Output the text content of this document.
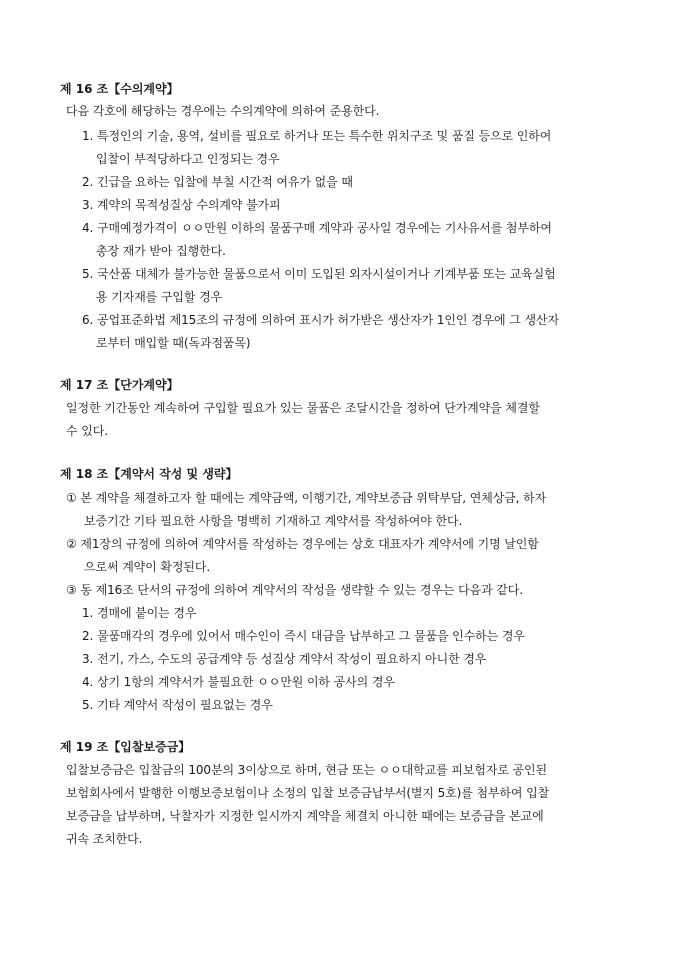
제 16 조【수의계약】
다음 각호에 해당하는 경우에는 수의계약에 의하여 준용한다.
1. 특정인의 기술, 용역, 설비를 필요로 하거나 또는 특수한 위치구조 및 품질 등으로 인하여
입찰이 부적당하다고 인정되는 경우
2. 긴급을 요하는 입찰에 부칠 시간적 여유가 없을 때
3. 계약의 목적성질상 수의계약 불가피
4. 구매예정가격이 ㅇㅇ만원 이하의 물품구매 계약과 공사일 경우에는 기사유서를 첨부하여
총장 재가 받아 집행한다.
5. 국산품 대체가 불가능한 물품으로서 이미 도입된 외자시설이거나 기계부품 또는 교육실험
용 기자재를 구입할 경우
6. 공업표준화법 제15조의 규정에 의하여 표시가 허가받은 생산자가 1인인 경우에 그 생산자
로부터 매입할 때(독과점품목)
제 17 조【단가계약】
일정한 기간동안 계속하여 구입할 필요가 있는 물품은 조달시간을 정하여 단가계약을 체결할
수 있다.
제 18 조【계약서 작성 및 생략】
① 본 계약을 체결하고자 할 때에는 계약금액, 이행기간, 계약보증금 위탁부담, 연체상금, 하자
보증기간 기타 필요한 사항을 명백히 기재하고 계약서를 작성하여야 한다.
② 제1장의 규정에 의하여 계약서를 작성하는 경우에는 상호 대표자가 계약서에 기명 날인함
으로써 계약이 확정된다.
③ 동 제16조 단서의 규정에 의하여 계약서의 작성을 생략할 수 있는 경우는 다음과 같다.
1. 경매에 붙이는 경우
2. 물품매각의 경우에 있어서 매수인이 즉시 대금을 납부하고 그 물품을 인수하는 경우
3. 전기, 가스, 수도의 공급계약 등 성질상 계약서 작성이 필요하지 아니한 경우
4. 상기 1항의 계약서가 불필요한 ㅇㅇ만원 이하 공사의 경우
5. 기타 계약서 작성이 필요없는 경우
제 19 조【입찰보증금】
입찰보증금은 입찰금의 100분의 3이상으로 하며, 현금 또는 ㅇㅇ대학교를 피보험자로 공인된
보험회사에서 발행한 이행보증보험이나 소정의 입찰 보증금납부서(별지 5호)를 첨부하여 입찰
보증금을 납부하며, 낙찰자가 지정한 일시까지 계약을 체결치 아니한 때에는 보증금을 본교에
귀속 조치한다.
